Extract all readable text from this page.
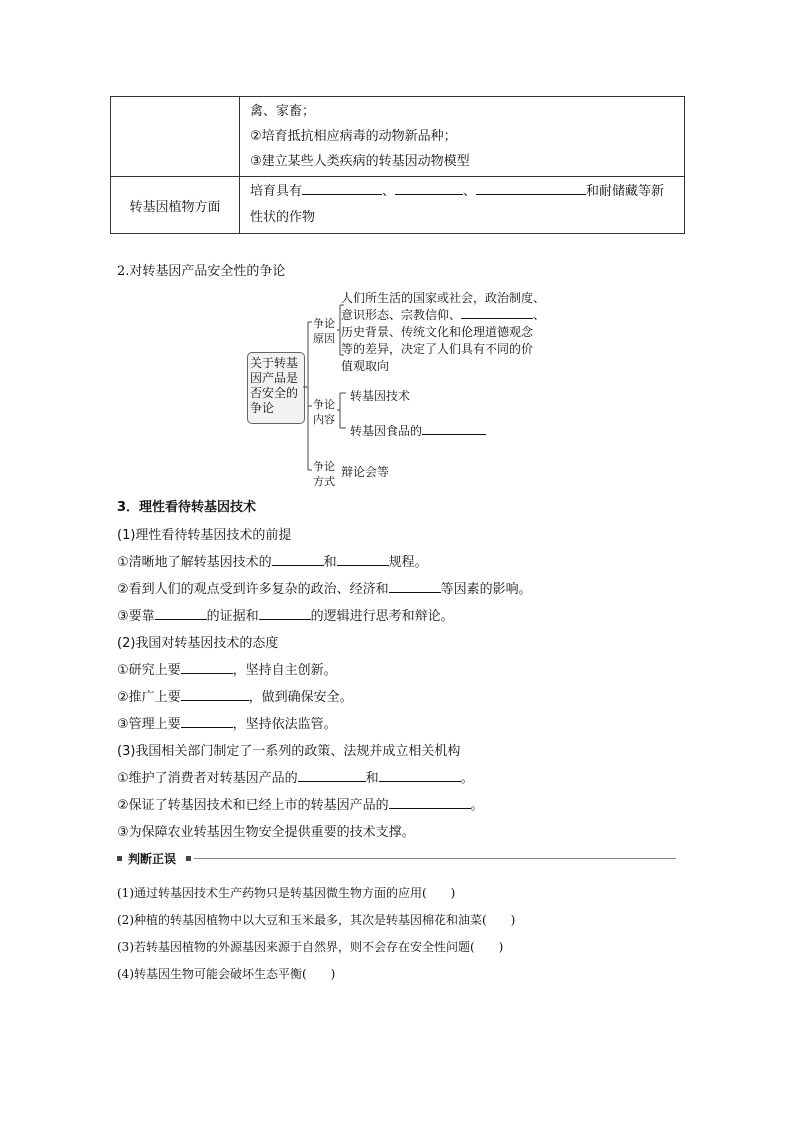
	禽、家畜；
②培育抵抗相应病毒的动物新品种；
③建立某些人类疾病的转基因动物模型

转基因植物方面	培育具有 、 、 和耐储藏等新
性状的作物
2.对转基因产品安全性的争论
关于转基
因产品是
否安全的
争论
争论
原因
人们所生活的国家或社会，政治制度、
意识形态、宗教信仰、	、
历史背景、传统文化和伦理道德观念
等的差异，决定了人们具有不同的价
值观取向
争论
内容
转基因技术
转基因食品的
争论
方式
辩论会等
3．理性看待转基因技术
(1)理性看待转基因技术的前提
①清晰地了解转基因技术的	和	规程。
②看到人们的观点受到许多复杂的政治、经济和	等因素的影响。
③要靠	的证据和	的逻辑进行思考和辩论。
(2)我国对转基因技术的态度
①研究上要	，坚持自主创新。
②推广上要	，做到确保安全。
③管理上要	，坚持依法监管。
(3)我国相关部门制定了一系列的政策、法规并成立相关机构
①维护了消费者对转基因产品的	和	。
②保证了转基因技术和已经上市的转基因产品的	。
③为保障农业转基因生物安全提供重要的技术支撑。
判断正误
(1)通过转基因技术生产药物只是转基因微生物方面的应用(　　)
(2)种植的转基因植物中以大豆和玉米最多，其次是转基因棉花和油菜(　　)
(3)若转基因植物的外源基因来源于自然界，则不会存在安全性问题(　　)
(4)转基因生物可能会破坏生态平衡(　　)
